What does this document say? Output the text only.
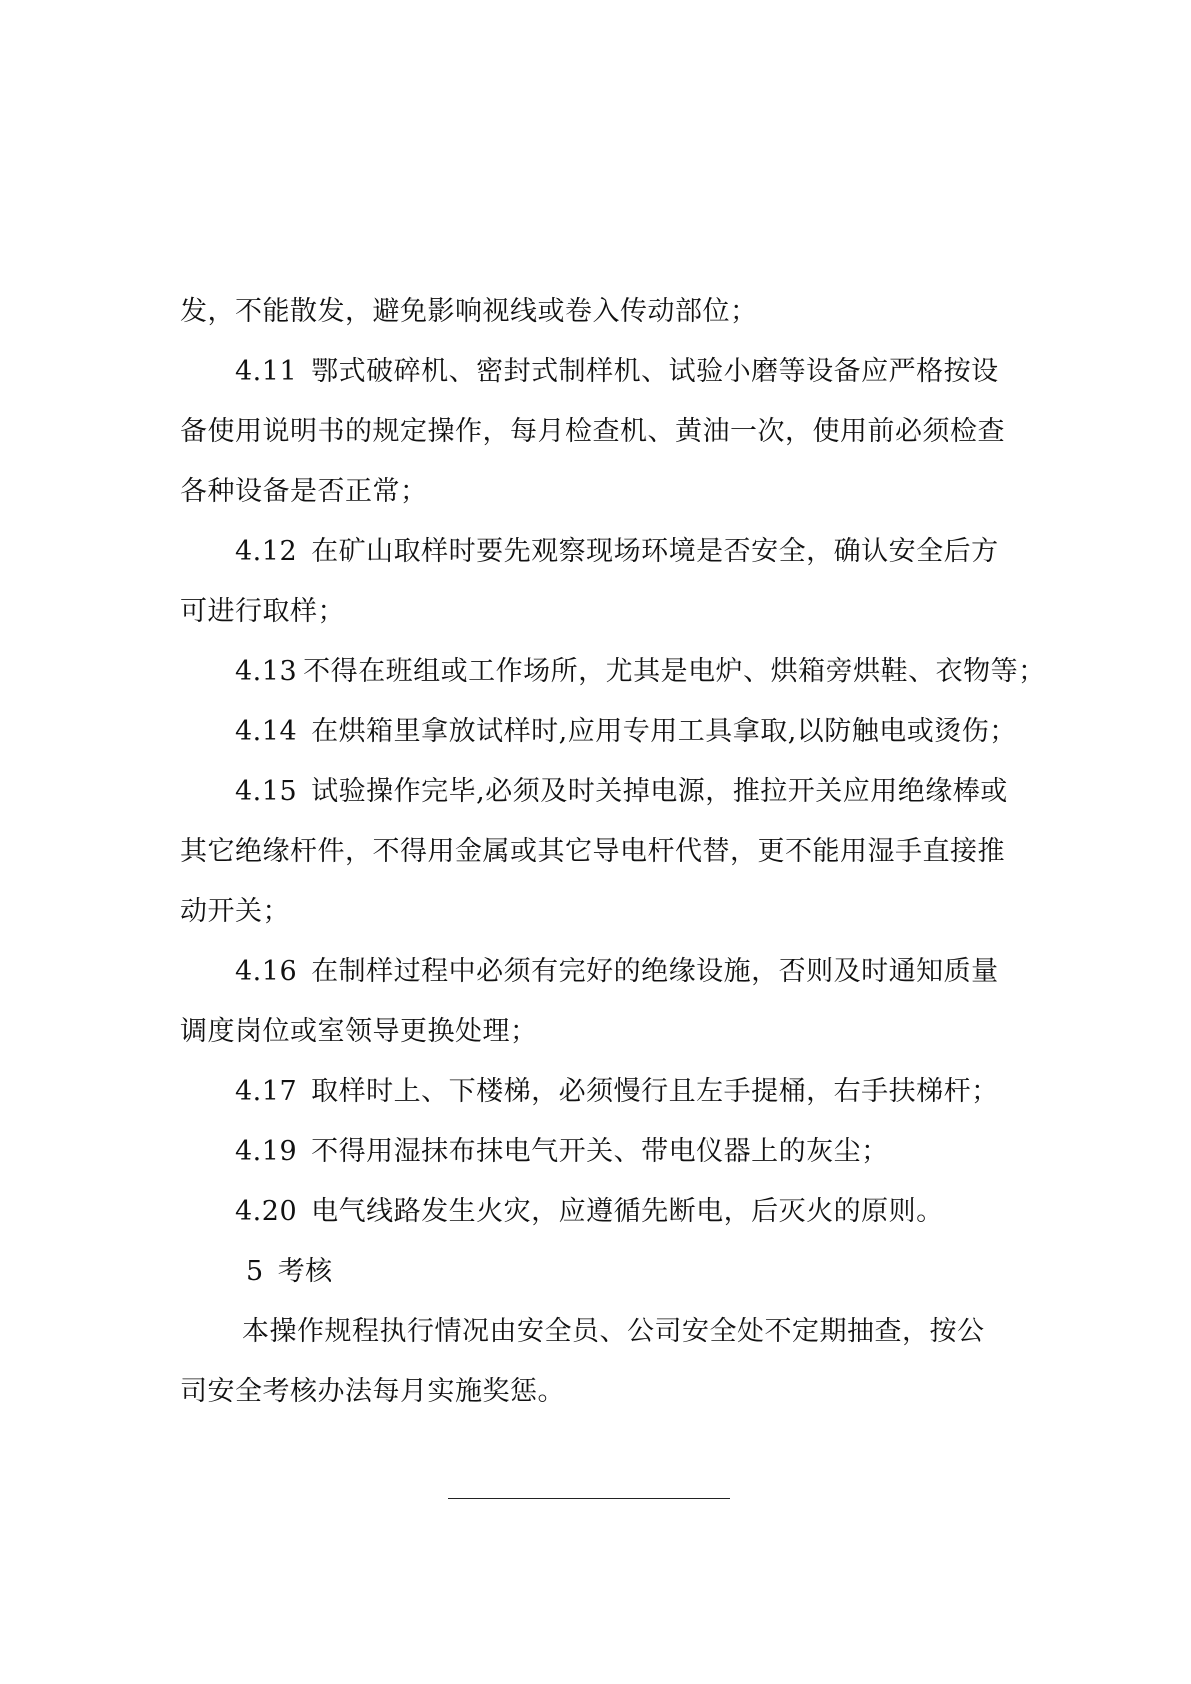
发，不能散发，避免影响视线或卷入传动部位；
4.11 鄂式破碎机、密封式制样机、试验小磨等设备应严格按设
备使用说明书的规定操作，每月检查机、黄油一次，使用前必须检查
各种设备是否正常；
4.12 在矿山取样时要先观察现场环境是否安全，确认安全后方
可进行取样；
4.13 不得在班组或工作场所，尤其是电炉、烘箱旁烘鞋、衣物等；
4.14 在烘箱里拿放试样时,应用专用工具拿取,以防触电或烫伤；
4.15 试验操作完毕,必须及时关掉电源，推拉开关应用绝缘棒或
其它绝缘杆件，不得用金属或其它导电杆代替，更不能用湿手直接推
动开关；
4.16 在制样过程中必须有完好的绝缘设施，否则及时通知质量
调度岗位或室领导更换处理；
4.17 取样时上、下楼梯，必须慢行且左手提桶，右手扶梯杆；
4.19 不得用湿抹布抹电气开关、带电仪器上的灰尘；
4.20 电气线路发生火灾，应遵循先断电，后灭火的原则。
5 考核
本操作规程执行情况由安全员、公司安全处不定期抽查，按公
司安全考核办法每月实施奖惩。
